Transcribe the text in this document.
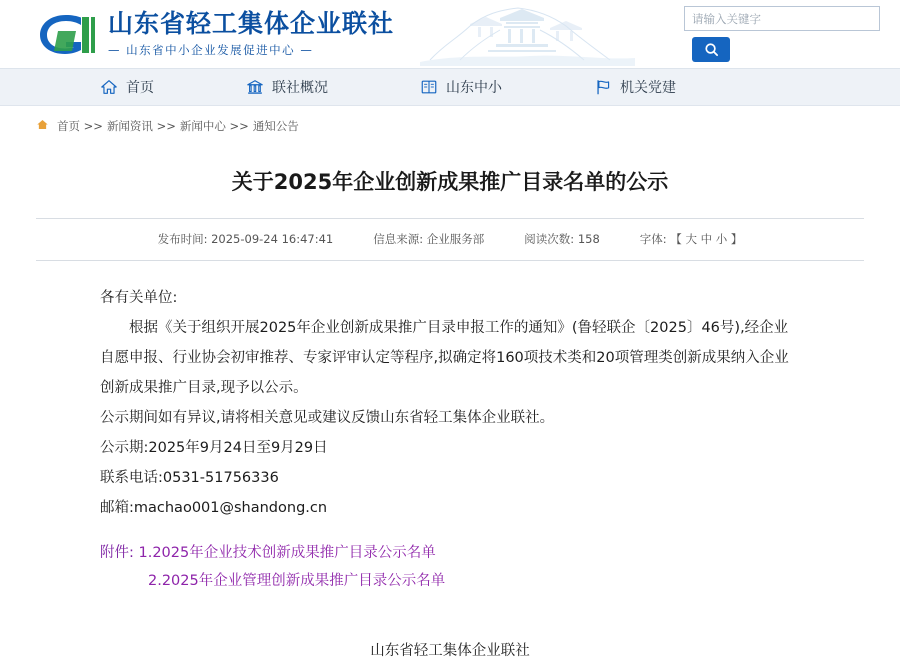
山东省轻工集体企业联社
— 山东省中小企业发展促进中心 —
请输入关键字
首页	联社概况	山东中小	机关党建
首页 >> 新闻资讯 >> 新闻中心 >> 通知公告
关于2025年企业创新成果推广目录名单的公示
发布时间: 2025-09-24 16:47:41	信息来源: 企业服务部	阅读次数: 158	字体: 【 大 中 小 】

各有关单位:

根据《关于组织开展2025年企业创新成果推广目录申报工作的通知》(鲁轻联企〔2025〕46号),经企业自愿申报、行业协会初审推荐、专家评审认定等程序,拟确定将160项技术类和20项管理类创新成果纳入企业创新成果推广目录,现予以公示。

公示期间如有异议,请将相关意见或建议反馈山东省轻工集体企业联社。

公示期:2025年9月24日至9月29日

联系电话:0531-51756336

邮箱:machao001@shandong.cn

附件: 1.2025年企业技术创新成果推广目录公示名单
2.2025年企业管理创新成果推广目录公示名单
山东省轻工集体企业联社
